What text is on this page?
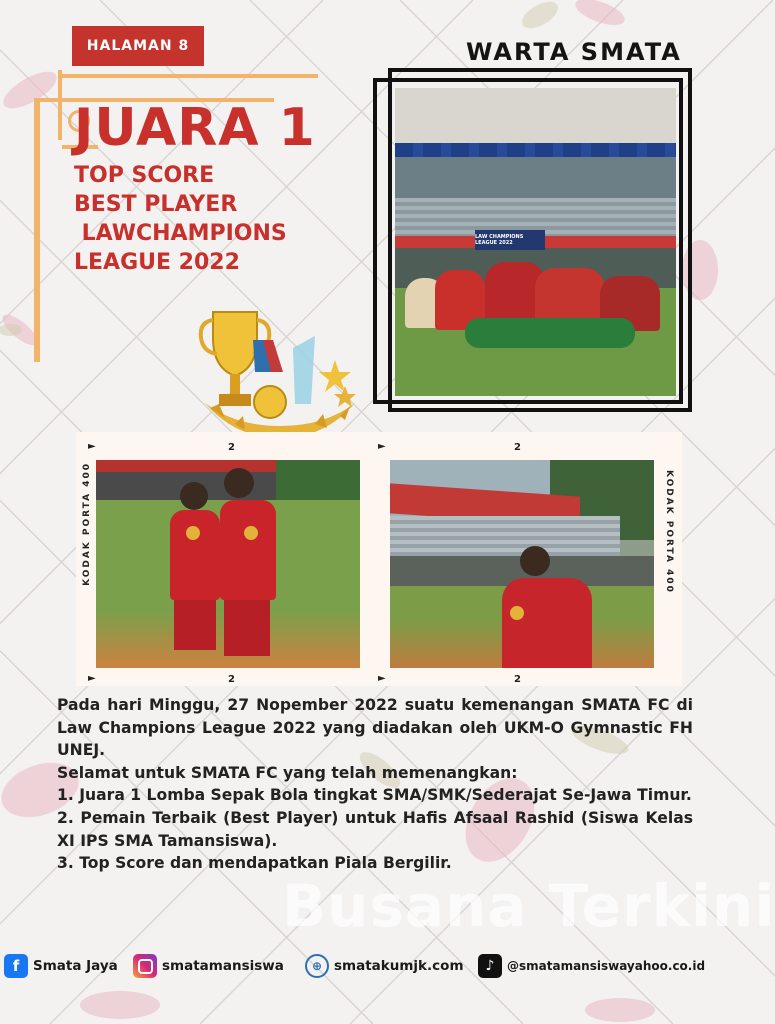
HALAMAN 8	WARTA SMATA
JUARA 1
TOP SCORE
BEST PLAYER
LAWCHAMPIONS
LEAGUE 2022
LAW CHAMPIONS LEAGUE 2022
2	2
2	2
►	►
►	►
KODAK PORTA 400	KODAK PORTA 400

Pada hari Minggu, 27 Nopember 2022 suatu kemenangan SMATA FC di Law Champions League 2022 yang diadakan oleh UKM-O Gymnastic FH UNEJ.

Selamat untuk SMATA FC yang telah memenangkan:

1. Juara 1 Lomba Sepak Bola tingkat SMA/SMK/Sederajat Se-Jawa Timur.

2. Pemain Terbaik (Best Player) untuk Hafis Afsaal Rashid (Siswa Kelas XI IPS SMA Tamansiswa).

3. Top Score dan mendapatkan Piala Bergilir.

Busana Terkini
f	Smata Jaya	smatamansiswa	⊕ smatakumjk.com	♪	@smatamansiswayahoo.co.id
